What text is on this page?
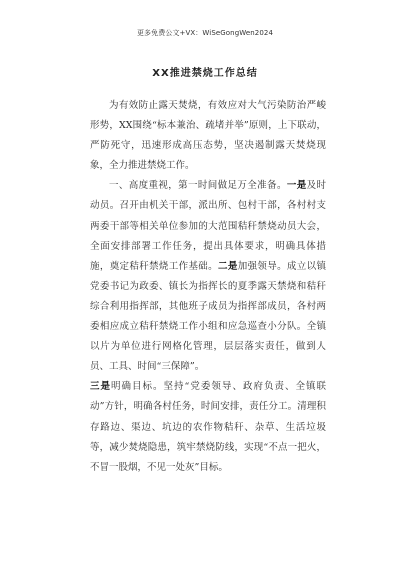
更多免费公文+VX：WiSeGongWen2024
XX推进禁烧工作总结

为有效防止露天焚烧，有效应对大气污染防治严峻形势，XX围绕“标本兼治、疏堵并举”原则，上下联动，严防死守，迅速形成高压态势，坚决遏制露天焚烧现象，全力推进禁烧工作。

一、高度重视，第一时间做足万全准备。一是及时动员。召开由机关干部，派出所、包村干部，各村村支两委干部等相关单位参加的大范围秸秆禁烧动员大会，全面安排部署工作任务，提出具体要求，明确具体措施，奠定秸秆禁烧工作基础。二是加强领导。成立以镇党委书记为政委、镇长为指挥长的夏季露天禁烧和秸秆综合利用指挥部，其他班子成员为指挥部成员，各村两委相应成立秸秆禁烧工作小组和应急巡查小分队。全镇以片为单位进行网格化管理，层层落实责任，做到人员、工具、时间“三保障”。
三是明确目标。坚持“党委领导、政府负责、全镇联动”方针，明确各村任务，时间安排，责任分工。清理积存路边、渠边、坑边的农作物秸秆、杂草、生活垃圾等，减少焚烧隐患，筑牢禁烧防线，实现“不点一把火，不冒一股烟，不见一处灰”目标。
